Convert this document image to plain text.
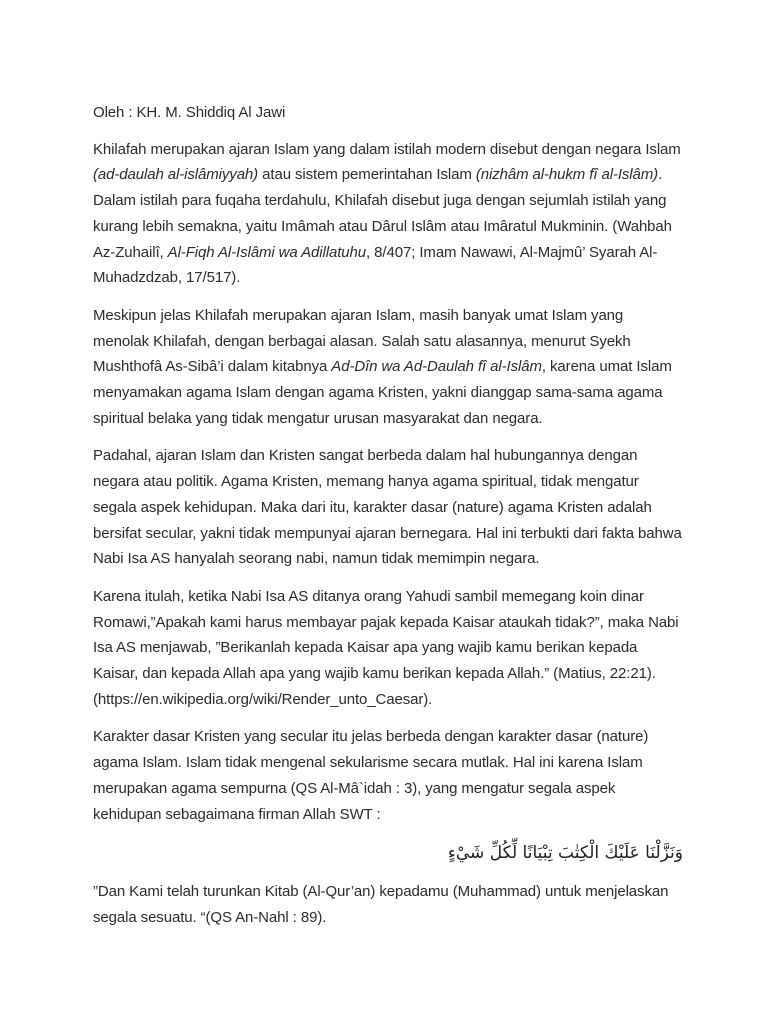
Oleh : KH. M. Shiddiq Al Jawi

Khilafah merupakan ajaran Islam yang dalam istilah modern disebut dengan negara Islam (ad-daulah al-islâmiyyah) atau sistem pemerintahan Islam (nizhâm al-hukm fî al-Islâm). Dalam istilah para fuqaha terdahulu, Khilafah disebut juga dengan sejumlah istilah yang kurang lebih semakna, yaitu Imâmah atau Dârul Islâm atau Imâratul Mukminin. (Wahbah Az-Zuhailî, Al-Fiqh Al-Islâmi wa Adillatuhu, 8/407; Imam Nawawi, Al-Majmû’ Syarah Al-Muhadzdzab, 17/517).

Meskipun jelas Khilafah merupakan ajaran Islam, masih banyak umat Islam yang menolak Khilafah, dengan berbagai alasan. Salah satu alasannya, menurut Syekh Mushthofâ As-Sibâ’i dalam kitabnya Ad-Dîn wa Ad-Daulah fî al-Islâm, karena umat Islam menyamakan agama Islam dengan agama Kristen, yakni dianggap sama-sama agama spiritual belaka yang tidak mengatur urusan masyarakat dan negara.

Padahal, ajaran Islam dan Kristen sangat berbeda dalam hal hubungannya dengan negara atau politik. Agama Kristen, memang hanya agama spiritual, tidak mengatur segala aspek kehidupan. Maka dari itu, karakter dasar (nature) agama Kristen adalah bersifat secular, yakni tidak mempunyai ajaran bernegara. Hal ini terbukti dari fakta bahwa Nabi Isa AS hanyalah seorang nabi, namun tidak memimpin negara.

Karena itulah, ketika Nabi Isa AS ditanya orang Yahudi sambil memegang koin dinar Romawi,”Apakah kami harus membayar pajak kepada Kaisar ataukah tidak?”, maka Nabi Isa AS menjawab, ”Berikanlah kepada Kaisar apa yang wajib kamu berikan kepada Kaisar, dan kepada Allah apa yang wajib kamu berikan kepada Allah.” (Matius, 22:21). (https://en.wikipedia.org/wiki/Render_unto_Caesar).

Karakter dasar Kristen yang secular itu jelas berbeda dengan karakter dasar (nature) agama Islam. Islam tidak mengenal sekularisme secara mutlak. Hal ini karena Islam merupakan agama sempurna (QS Al-Mâ`idah : 3), yang mengatur segala aspek kehidupan sebagaimana firman Allah SWT :

وَنَزَّلْنَا عَلَيْكَ الْكِتٰبَ تِبْيَانًا لِّكُلِّ شَيْءٍ

”Dan Kami telah turunkan Kitab (Al-Qur’an) kepadamu (Muhammad) untuk menjelaskan segala sesuatu. “(QS An-Nahl : 89).
